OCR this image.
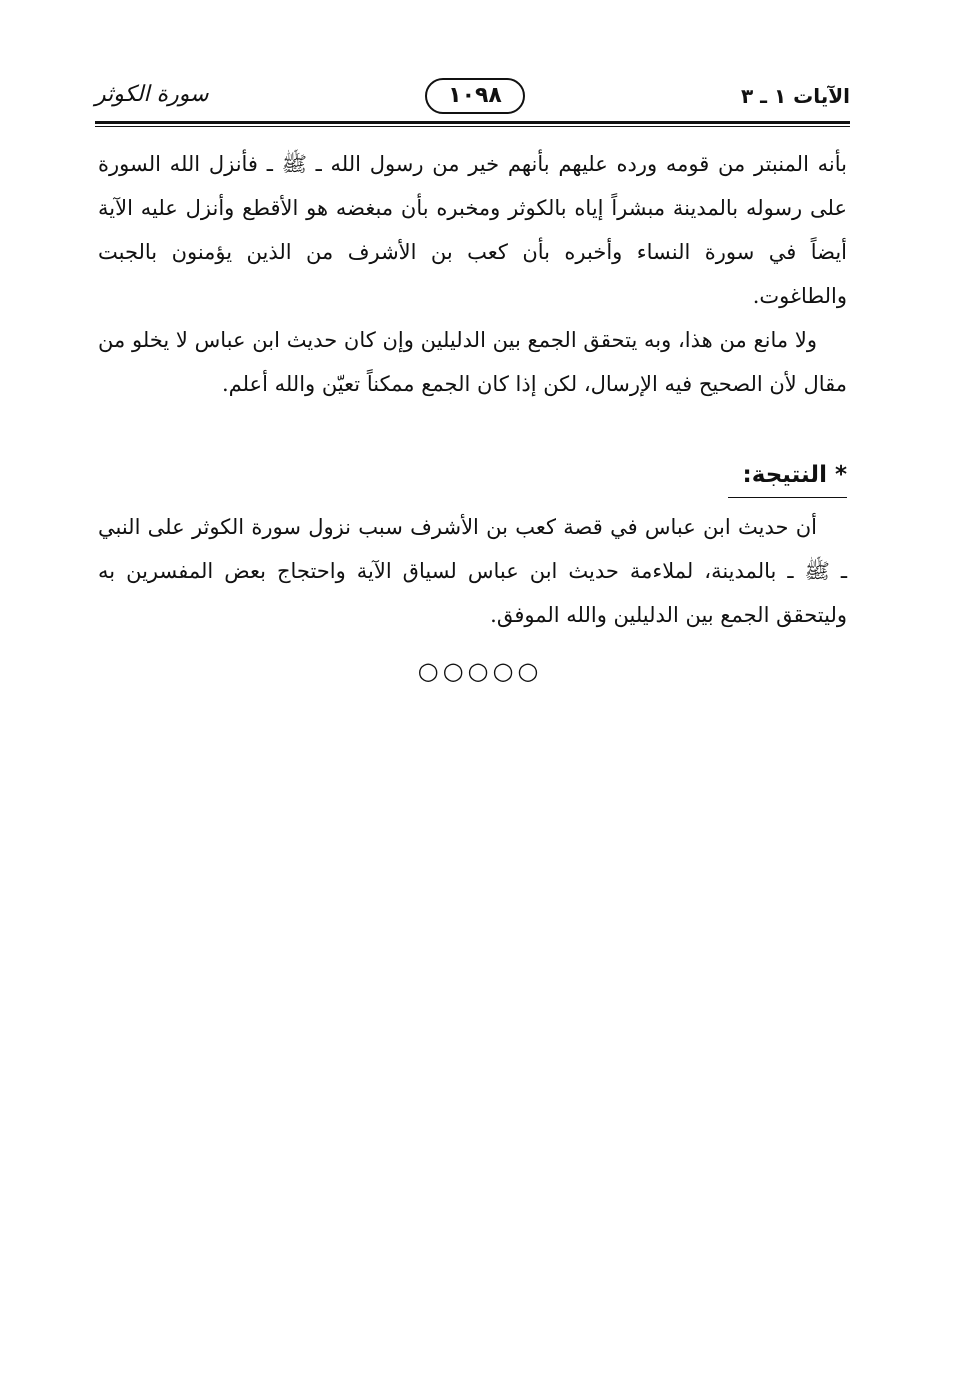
الآيات ١ ـ ٣
١٠٩٨
سورة الكوثر

بأنه المنبتر من قومه ورده عليهم بأنهم خير من رسول الله ـ ﷺ ـ فأنزل الله السورة على رسوله بالمدينة مبشراً إياه بالكوثر ومخبره بأن مبغضه هو الأقطع وأنزل عليه الآية أيضاً في سورة النساء وأخبره بأن كعب بن الأشرف من الذين يؤمنون بالجبت والطاغوت.

ولا مانع من هذا، وبه يتحقق الجمع بين الدليلين وإن كان حديث ابن عباس لا يخلو من مقال لأن الصحيح فيه الإرسال، لكن إذا كان الجمع ممكناً تعيّن والله أعلم.

* النتيجة:

أن حديث ابن عباس في قصة كعب بن الأشرف سبب نزول سورة الكوثر على النبي ـ ﷺ ـ بالمدينة، لملاءمة حديث ابن عباس لسياق الآية واحتجاج بعض المفسرين به وليتحقق الجمع بين الدليلين والله الموفق.

○○○○○
